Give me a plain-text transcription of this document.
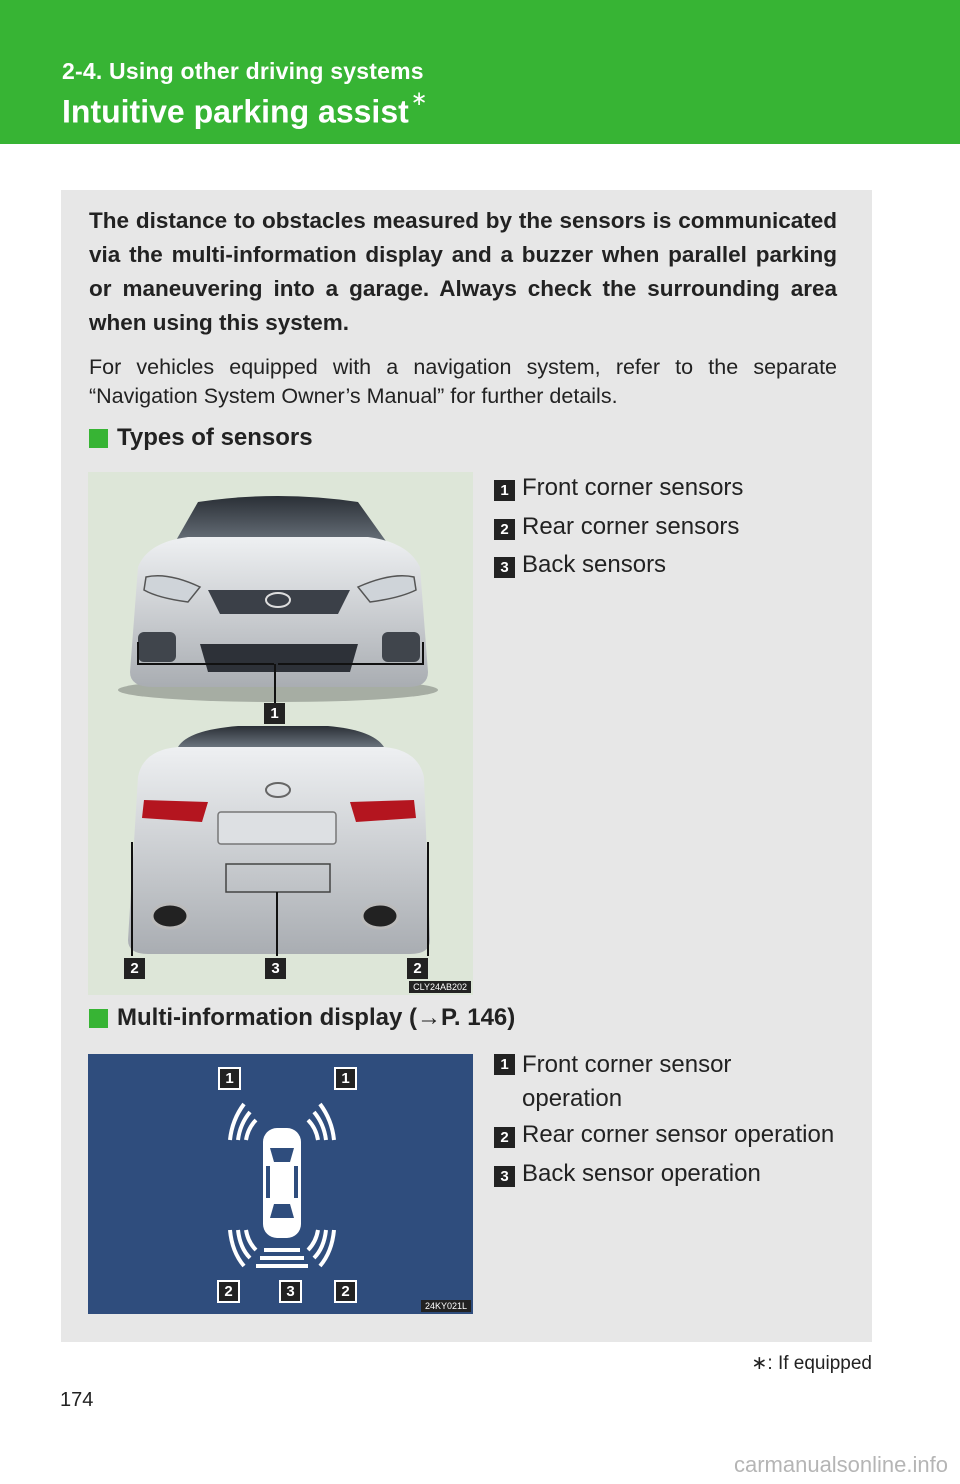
2-4. Using other driving systems
Intuitive parking assist ∗

The distance to obstacles measured by the sensors is communicated via the multi-information display and a buzzer when parallel parking or maneuvering into a garage. Always check the surrounding area when using this system.

For vehicles equipped with a navigation system, refer to the separate “Navigation System Owner’s Manual” for further details.

Types of sensors
1
2	3	2
CLY24AB202
1 Front corner sensors
2 Rear corner sensors
3 Back sensors
Multi-information display (→P. 146)
1	1
2	3	2
24KY021L
1 Front corner sensor operation
2 Rear corner sensor operation
3 Back sensor operation
∗: If equipped
174
carmanualsonline.info
